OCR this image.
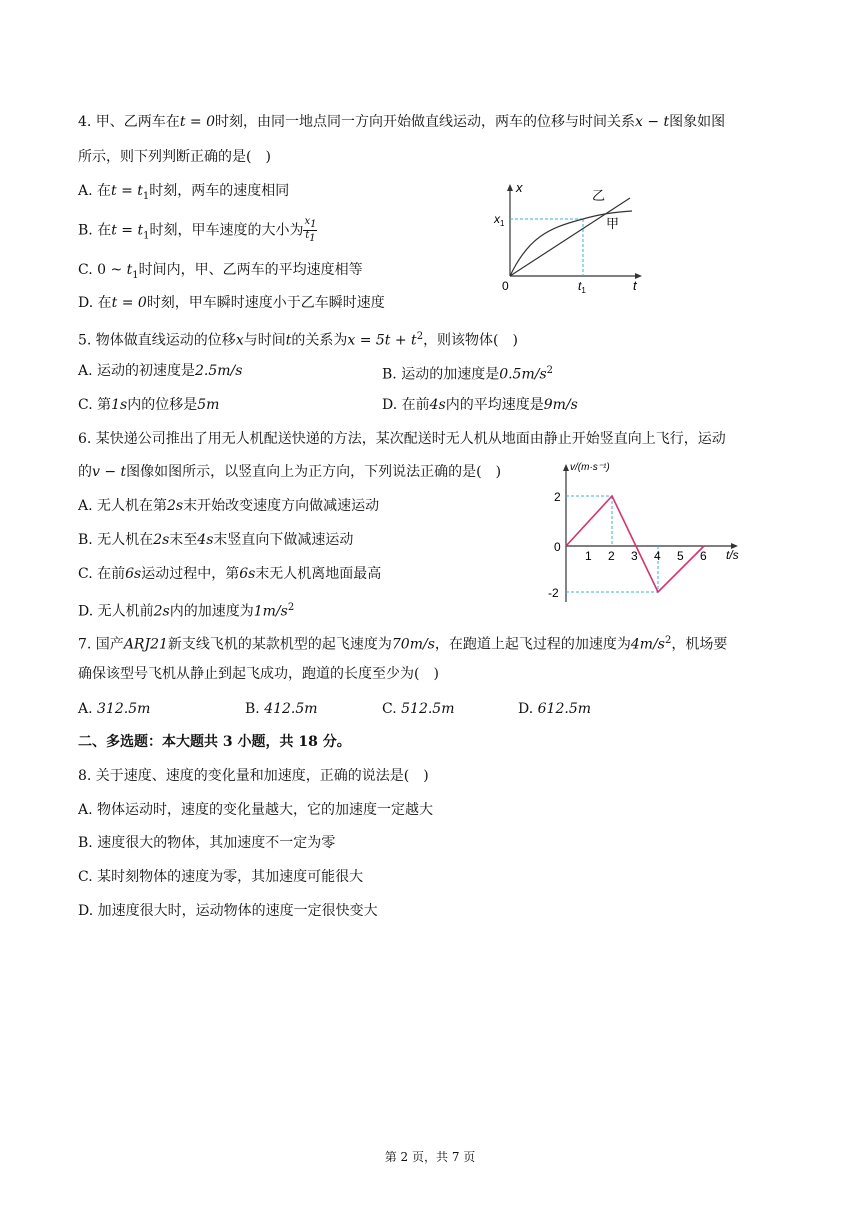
4. 甲、乙两车在t = 0时刻，由同一地点同一方向开始做直线运动，两车的位移与时间关系x − t图象如图
所示，则下列判断正确的是(　)
A. 在$t = t_1$时刻，两车的速度相同
B. 在$t = t_1$时刻，甲车速度的大小为 $\frac{x_1}{t_1}$
C. 0 ~ $t_1$时间内，甲、乙两车的平均速度相等
D. 在t = 0时刻，甲车瞬时速度小于乙车瞬时速度
x
t
0
$x_1$
$t_1$
乙
甲
5. 物体做直线运动的位移x与时间t的关系为$x = 5t + t^2$，则该物体(　)
A. 运动的初速度是2.5m/s	B. 运动的加速度是$0.5m/s^2$
C. 第1s内的位移是5m	D. 在前4s内的平均速度是9m/s
6. 某快递公司推出了用无人机配送快递的方法，某次配送时无人机从地面由静止开始竖直向上飞行，运动
的v − t图像如图所示，以竖直向上为正方向，下列说法正确的是(　)
A. 无人机在第2s末开始改变速度方向做减速运动
B. 无人机在2s末至4s末竖直向下做减速运动
C. 在前6s运动过程中，第6s末无人机离地面最高
D. 无人机前2s内的加速度为$1m/s^2$
v/(m·s⁻¹)
t/s
0
2
-2
1 2 3 4 5 6
7. 国产ARJ21新支线飞机的某款机型的起飞速度为70m/s，在跑道上起飞过程的加速度为$4m/s^2$，机场要
确保该型号飞机从静止到起飞成功，跑道的长度至少为(　)
A. 312.5m	B. 412.5m	C. 512.5m	D. 612.5m
二、多选题：本大题共 3 小题，共 18 分。
8. 关于速度、速度的变化量和加速度，正确的说法是(　)
A. 物体运动时，速度的变化量越大，它的加速度一定越大
B. 速度很大的物体，其加速度不一定为零
C. 某时刻物体的速度为零，其加速度可能很大
D. 加速度很大时，运动物体的速度一定很快变大
第 2 页，共 7 页
